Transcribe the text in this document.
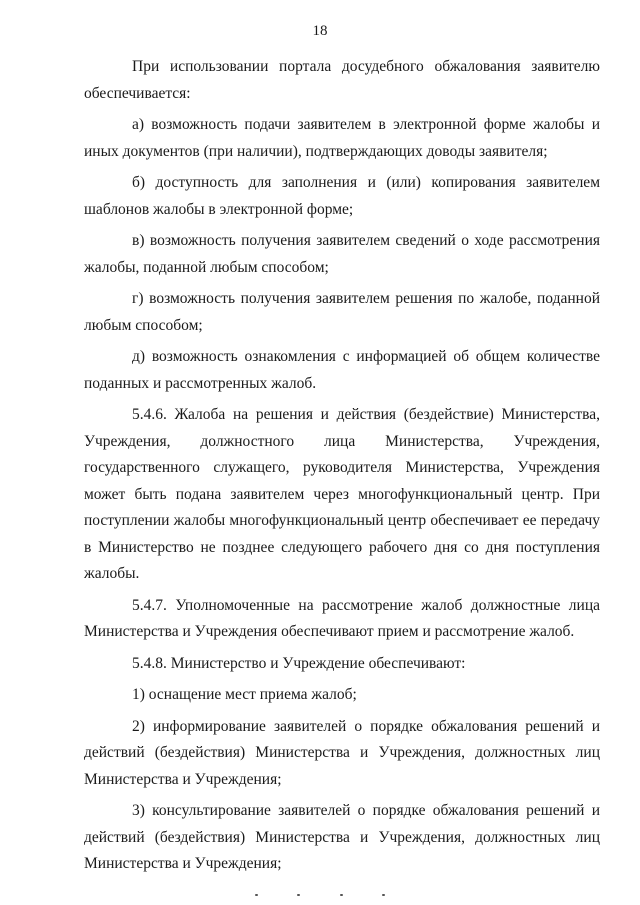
18

При использовании портала досудебного обжалования заявителю обеспечивается:

а) возможность подачи заявителем в электронной форме жалобы и иных документов (при наличии), подтверждающих доводы заявителя;

б) доступность для заполнения и (или) копирования заявителем шаблонов жалобы в электронной форме;

в) возможность получения заявителем сведений о ходе рассмотрения жалобы, поданной любым способом;

г) возможность получения заявителем решения по жалобе, поданной любым способом;

д) возможность ознакомления с информацией об общем количестве поданных и рассмотренных жалоб.

5.4.6. Жалоба на решения и действия (бездействие) Министерства, Учреждения, должностного лица Министерства, Учреждения, государственного служащего, руководителя Министерства, Учреждения может быть подана заявителем через многофункциональный центр. При поступлении жалобы многофункциональный центр обеспечивает ее передачу в Министерство не позднее следующего рабочего дня со дня поступления жалобы.

5.4.7. Уполномоченные на рассмотрение жалоб должностные лица Министерства и Учреждения обеспечивают прием и рассмотрение жалоб.

5.4.8. Министерство и Учреждение обеспечивают:

1) оснащение мест приема жалоб;

2) информирование заявителей о порядке обжалования решений и действий (бездействия) Министерства и Учреждения, должностных лиц Министерства и Учреждения;

3) консультирование заявителей о порядке обжалования решений и действий (бездействия) Министерства и Учреждения, должностных лиц Министерства и Учреждения;
